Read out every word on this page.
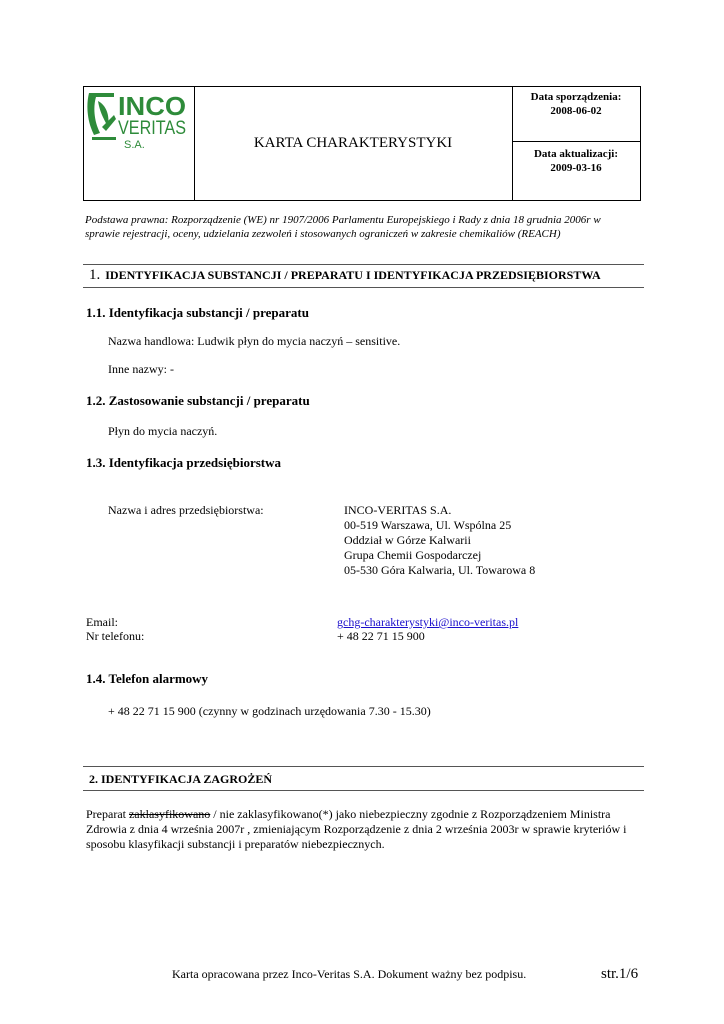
INCO
VERITAS
S.A.	KARTA CHARAKTERYSTYKI
Data sporządzenia:
2008-06-02
Data aktualizacji:
2009-03-16
Podstawa prawna: Rozporządzenie (WE) nr 1907/2006 Parlamentu Europejskiego i Rady z dnia 18 grudnia 2006r w
sprawie rejestracji, oceny, udzielania zezwoleń i stosowanych ograniczeń w zakresie chemikaliów (REACH)
1. IDENTYFIKACJA SUBSTANCJI / PREPARATU I IDENTYFIKACJA PRZEDSIĘBIORSTWA
1.1. Identyfikacja substancji / preparatu
Nazwa handlowa: Ludwik płyn do mycia naczyń – sensitive.
Inne nazwy: -
1.2. Zastosowanie substancji / preparatu
Płyn do mycia naczyń.
1.3. Identyfikacja przedsiębiorstwa
Nazwa i adres przedsiębiorstwa:	INCO-VERITAS S.A.
00-519 Warszawa, Ul. Wspólna 25
Oddział w Górze Kalwarii
Grupa Chemii Gospodarczej
05-530 Góra Kalwaria, Ul. Towarowa 8
Email:	gchg-charakterystyki@inco-veritas.pl
Nr telefonu:	+ 48 22 71 15 900
1.4. Telefon alarmowy
+ 48 22 71 15 900 (czynny w godzinach urzędowania 7.30 - 15.30)
2. IDENTYFIKACJA ZAGROŻEŃ
Preparat zaklasyfikowano / nie zaklasyfikowano(*) jako niebezpieczny zgodnie z Rozporządzeniem Ministra
Zdrowia z dnia 4 września 2007r , zmieniającym Rozporządzenie z dnia 2 września 2003r w sprawie kryteriów i
sposobu klasyfikacji substancji i preparatów niebezpiecznych.
Karta opracowana przez Inco-Veritas S.A. Dokument ważny bez podpisu.	str.1/6
